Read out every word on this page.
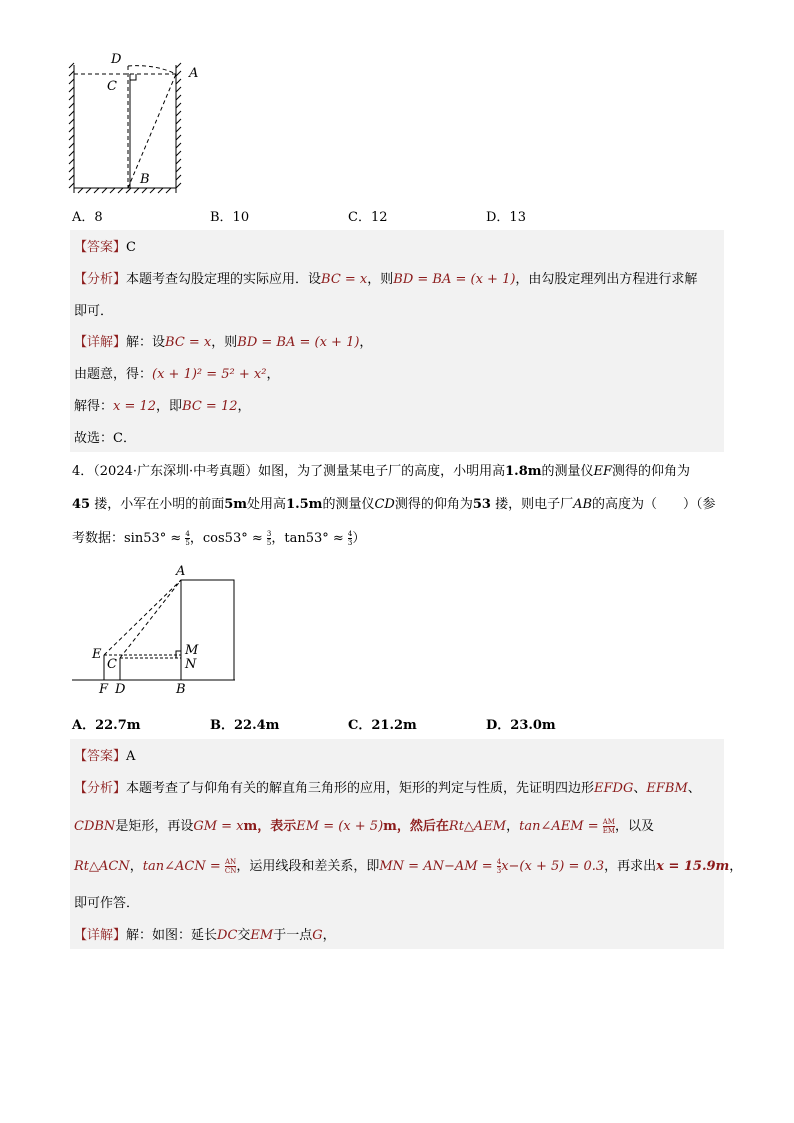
D
C
A
B
A．8	B．10	C．12	D．13
【答案】C
【分析】本题考查勾股定理的实际应用．设BC = x，则BD = BA = (x + 1)，由勾股定理列出方程进行求解
即可．
【详解】解：设BC = x，则BD = BA = (x + 1)，
由题意，得：(x + 1)² = 5² + x²，
解得：x = 12，即BC = 12，
故选：C．
4．（2024·广东深圳·中考真题）如图，为了测量某电子厂的高度，小明用高1.8m的测量仪EF测得的仰角为
45 搂，小军在小明的前面5m处用高1.5m的测量仪CD测得的仰角为53 搂，则电子厂AB的高度为（　　）（参
考数据：$\sin 53^\circ \approx \frac{4}{5}$ ，$\cos 53^\circ \approx \frac{3}{5}$ ，$\tan 53^\circ \approx \frac{4}{3}$ ）
A
E
C
M
N
F D	B
A．22.7m	B．22.4m	C．21.2m	D．23.0m
【答案】A
【分析】本题考查了与仰角有关的解直角三角形的应用，矩形的判定与性质，先证明四边形EFDG、EFBM、
CDBN是矩形，再设GM = xm，表示EM = (x + 5)m，然后在Rt△AEM，tan∠AEM = $\frac{AM}{EM}$ ，以及
Rt△ACN，tan∠ACN = $\frac{AN}{CN}$ ，运用线段和差关系，即MN = $AN-AM = \frac{4}{3} x-(x + 5) = 0.3$，再求出x = 15.9m，
即可作答．
【详解】解：如图：延长DC交EM于一点G，
